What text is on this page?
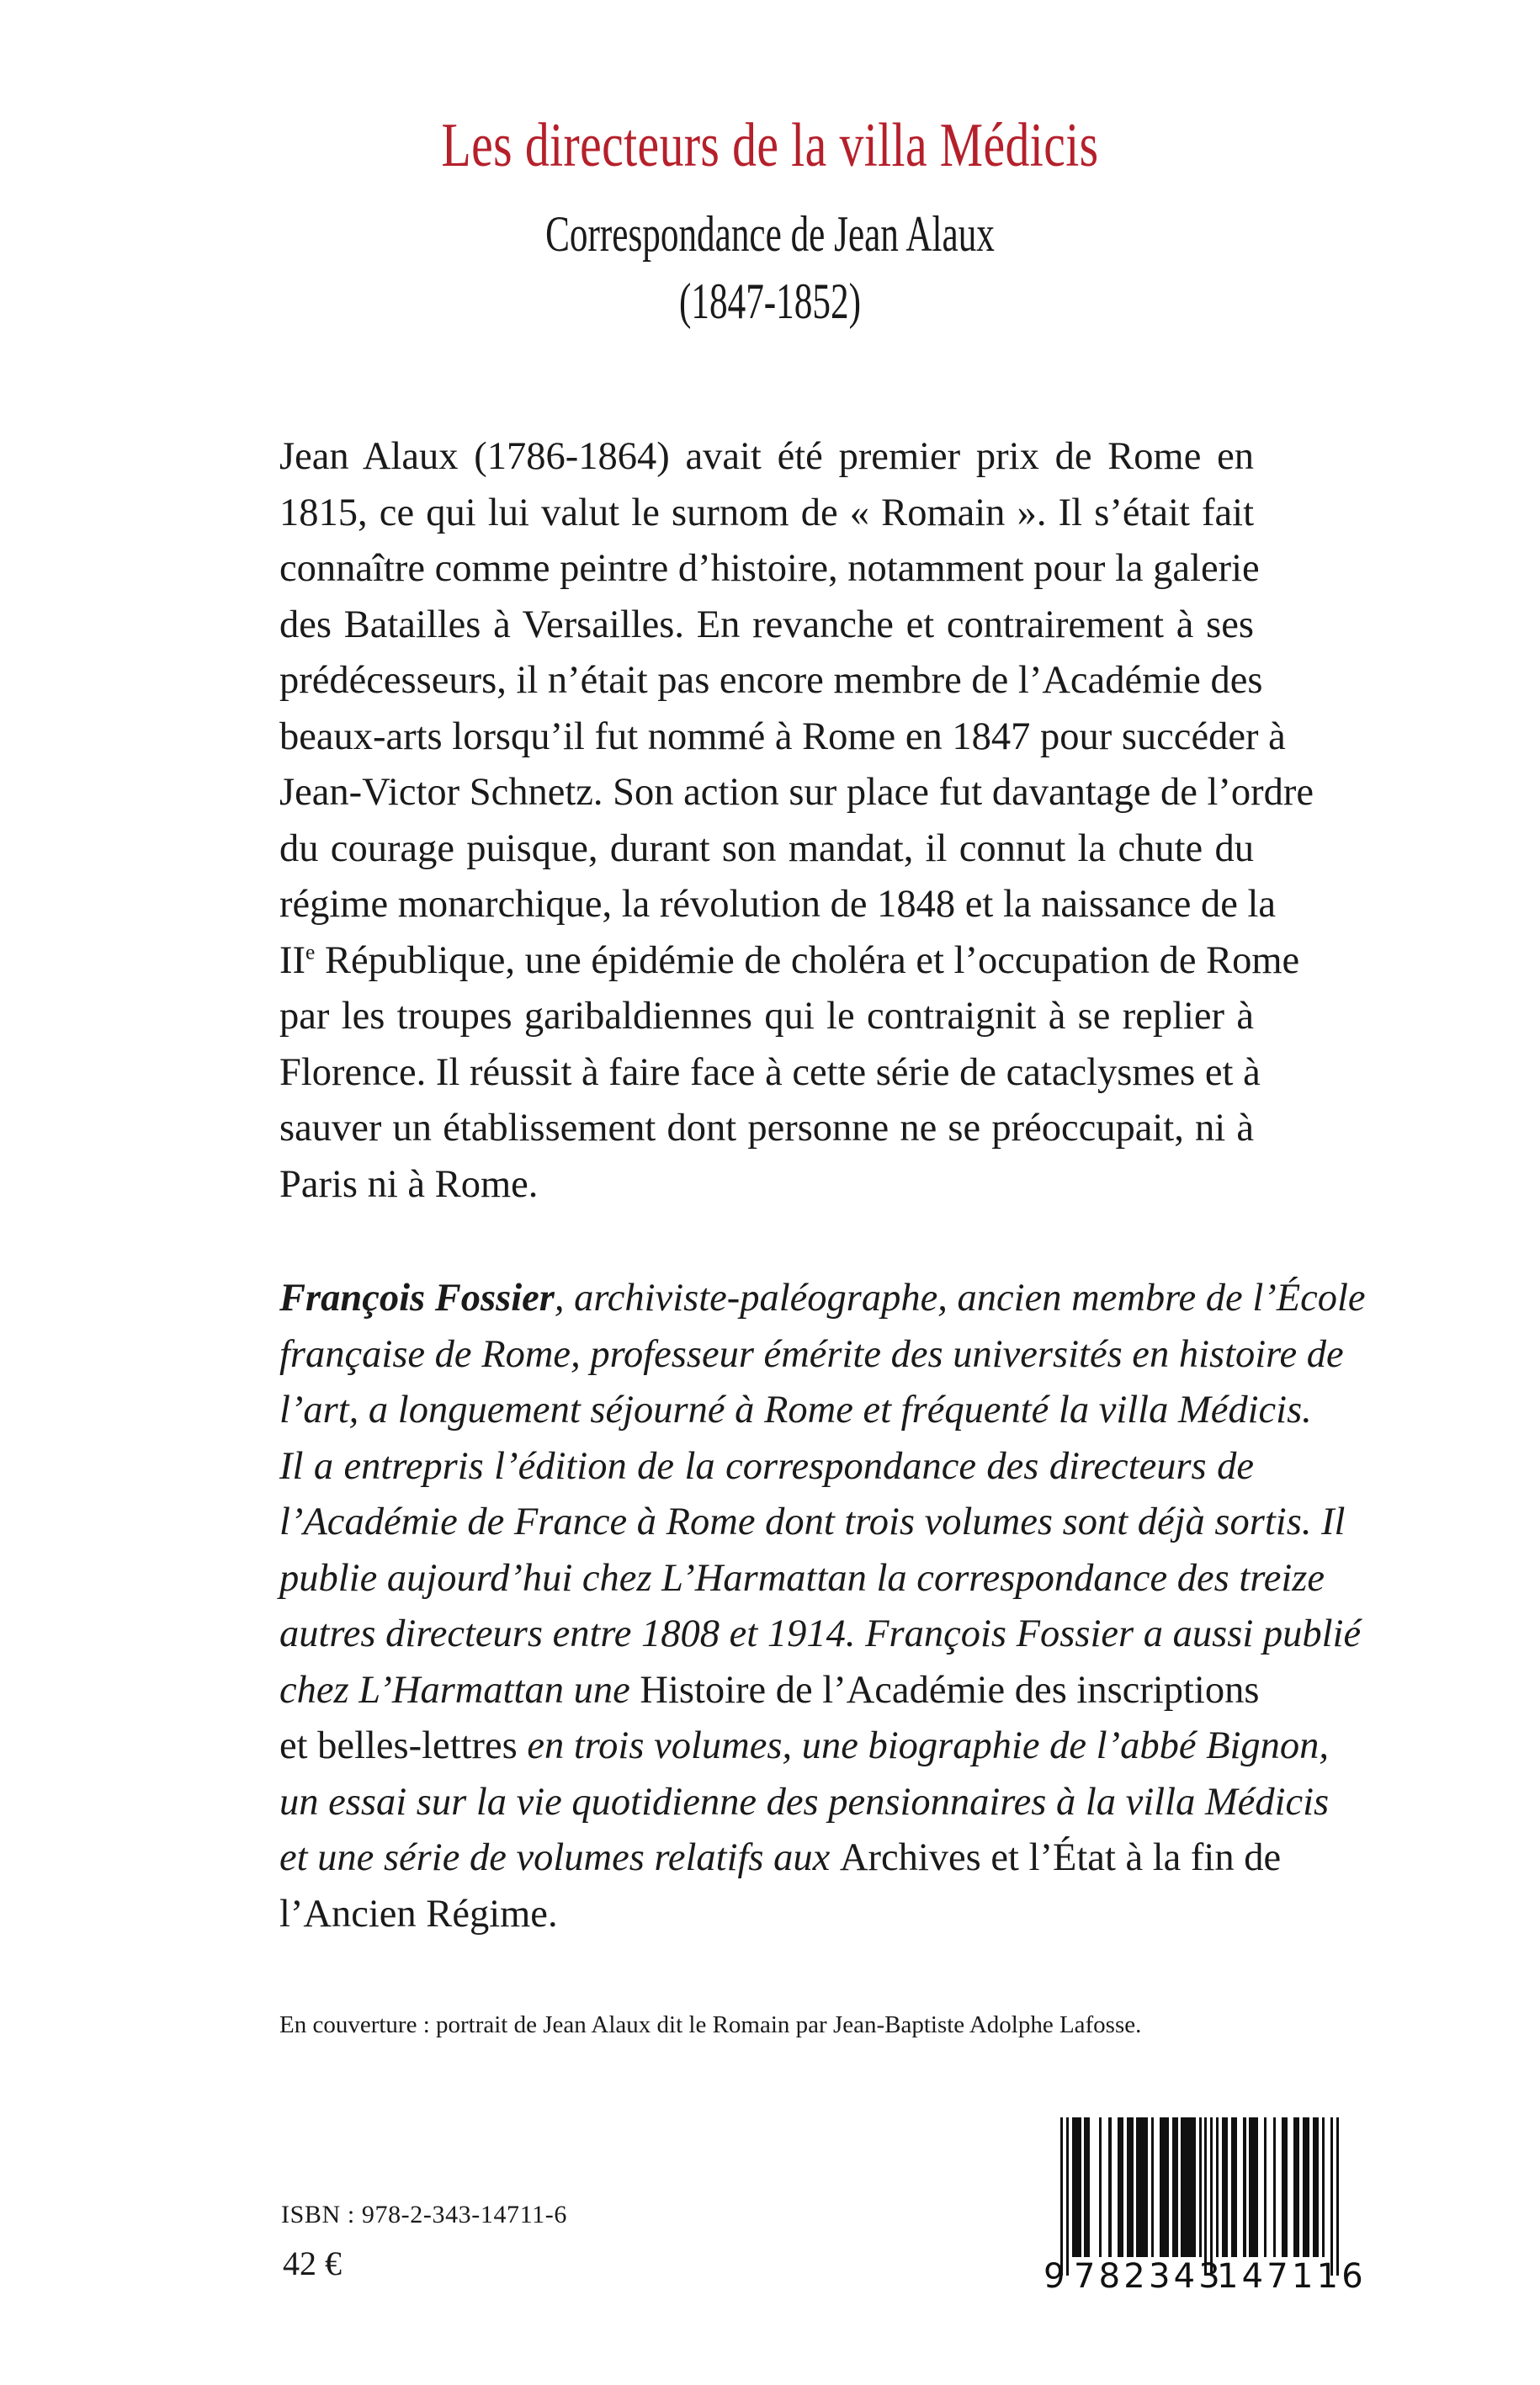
Les directeurs de la villa Médicis
Correspondance de Jean Alaux
(1847-1852)
Jean Alaux (1786-1864) avait été premier prix de Rome en
1815, ce qui lui valut le surnom de « Romain ». Il s’était fait
connaître comme peintre d’histoire, notamment pour la galerie
des Batailles à Versailles. En revanche et contrairement à ses
prédécesseurs, il n’était pas encore membre de l’Académie des
beaux-arts lorsqu’il fut nommé à Rome en 1847 pour succéder à
Jean-Victor Schnetz. Son action sur place fut davantage de l’ordre
du courage puisque, durant son mandat, il connut la chute du
régime monarchique, la révolution de 1848 et la naissance de la
IIe République, une épidémie de choléra et l’occupation de Rome
par les troupes garibaldiennes qui le contraignit à se replier à
Florence. Il réussit à faire face à cette série de cataclysmes et à
sauver un établissement dont personne ne se préoccupait, ni à
Paris ni à Rome.
François Fossier, archiviste-paléographe, ancien membre de l’École
française de Rome, professeur émérite des universités en histoire de
l’art, a longuement séjourné à Rome et fréquenté la villa Médicis.
Il a entrepris l’édition de la correspondance des directeurs de
l’Académie de France à Rome dont trois volumes sont déjà sortis. Il
publie aujourd’hui chez L’Harmattan la correspondance des treize
autres directeurs entre 1808 et 1914. François Fossier a aussi publié
chez L’Harmattan une Histoire de l’Académie des inscriptions
et belles-lettres en trois volumes, une biographie de l’abbé Bignon,
un essai sur la vie quotidienne des pensionnaires à la villa Médicis
et une série de volumes relatifs aux Archives et l’État à la fin de
l’Ancien Régime.

En couverture : portrait de Jean Alaux dit le Romain par Jean-Baptiste Adolphe Lafosse.

ISBN : 978-2-343-14711-6

42 €	9 782343
147116
